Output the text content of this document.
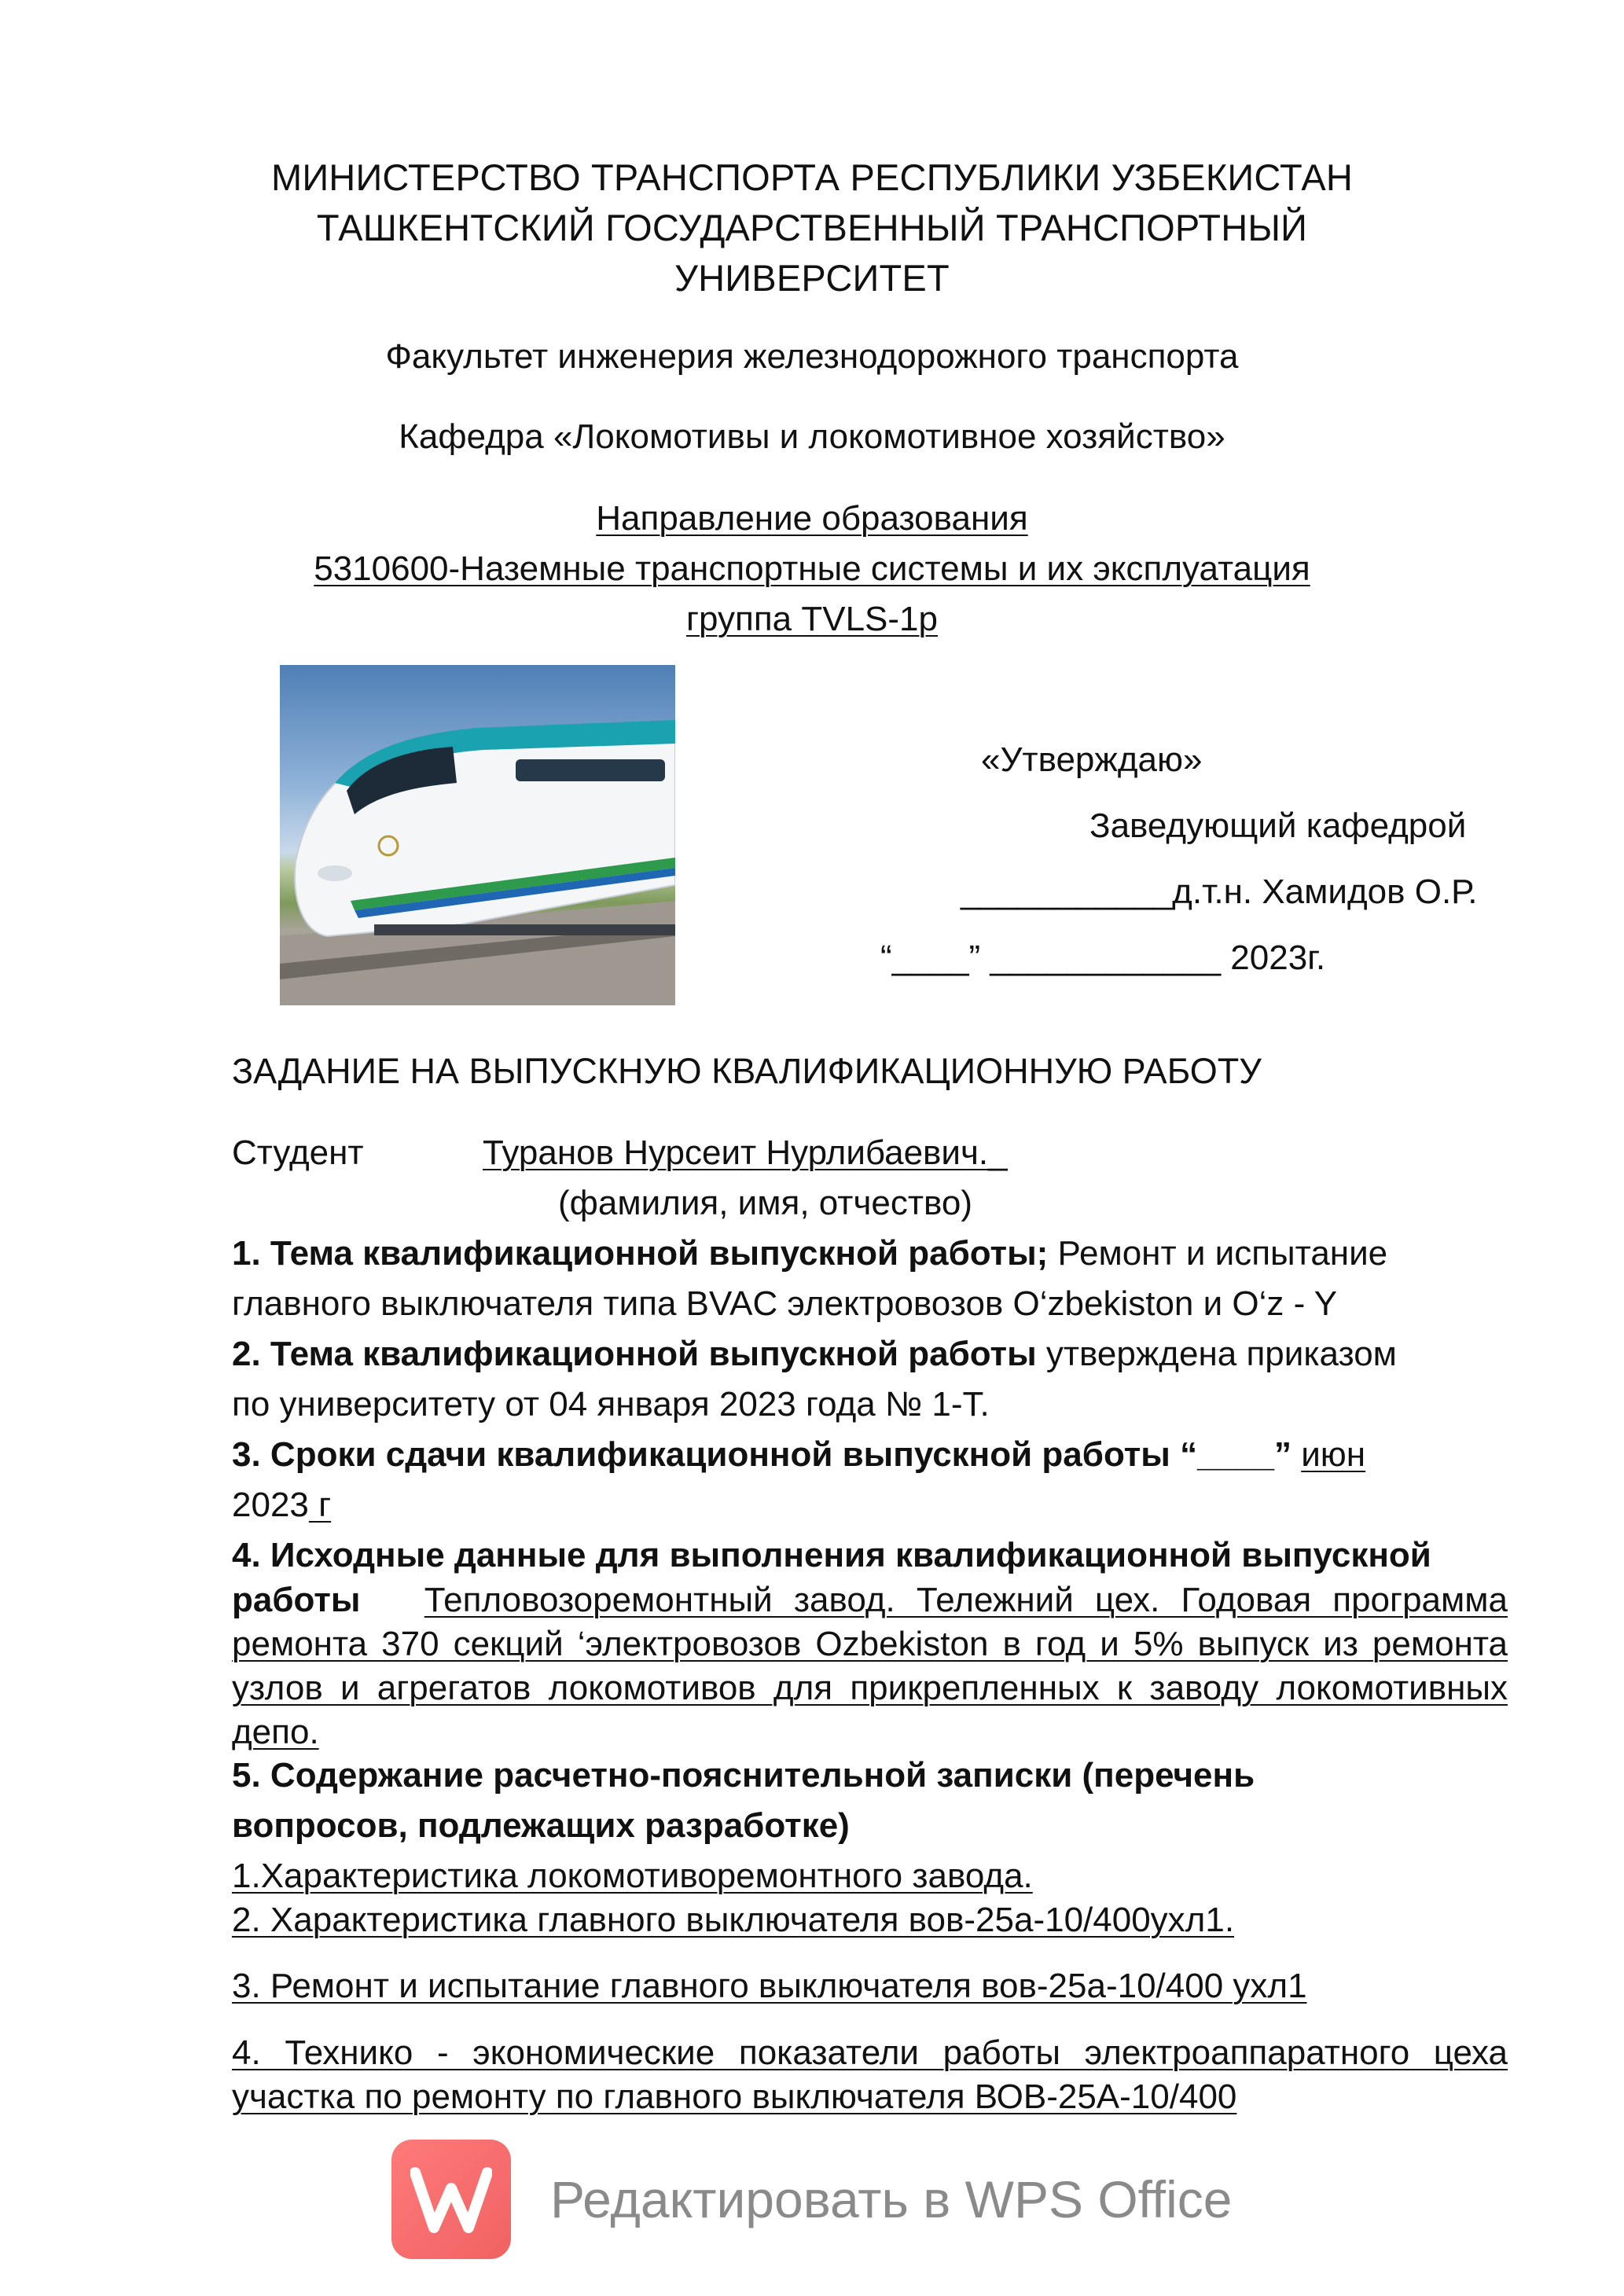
МИНИСТЕРСТВО ТРАНСПОРТА РЕСПУБЛИКИ УЗБЕКИСТАН
ТАШКЕНТСКИЙ ГОСУДАРСТВЕННЫЙ ТРАНСПОРТНЫЙ
УНИВЕРСИТЕТ
Факультет инженерия железнодорожного транспорта
Кафедра «Локомотивы и локомотивное хозяйство»
Направление образования
5310600-Наземные транспортные системы и их эксплуатация
группа TVLS-1p
«Утверждаю»
Заведующий кафедрой
___________д.т.н. Хамидов О.Р.
“____” ____________ 2023г.
ЗАДАНИЕ НА ВЫПУСКНУЮ КВАЛИФИКАЦИОННУЮ РАБОТУ
Студент	Туранов Нурсеит Нурлибаевич._
(фамилия, имя, отчество)
1. Тема квалификационной выпускной работы; Ремонт и испытание
главного выключателя типа BVAC электровозов O‘zbekiston и O‘z - Y
2. Тема квалификационной выпускной работы утверждена приказом
по университету от 04 января 2023 года № 1-Т.
3. Сроки сдачи квалификационной выпускной работы “____” июн
2023 г
4. Исходные данные для выполнения квалификационной выпускной
работы Тепловозоремонтный завод. Тележний цех. Годовая программа ремонта 370 секций ‘электровозов Ozbekiston в год и 5% выпуск из ремонта узлов и агрегатов локомотивов для прикрепленных к заводу локомотивных депо.
5. Содержание расчетно-пояснительной записки (перечень
вопросов, подлежащих разработке)
1.Характеристика локомотиворемонтного завода.
2. Характеристика главного выключателя вов-25а-10/400ухл1.
3. Ремонт и испытание главного выключателя вов-25а-10/400 ухл1
4. Технико - экономические показатели работы электроаппаратного цеха участка по ремонту по главного выключателя ВОВ-25А-10/400
Редактировать в WPS Office
